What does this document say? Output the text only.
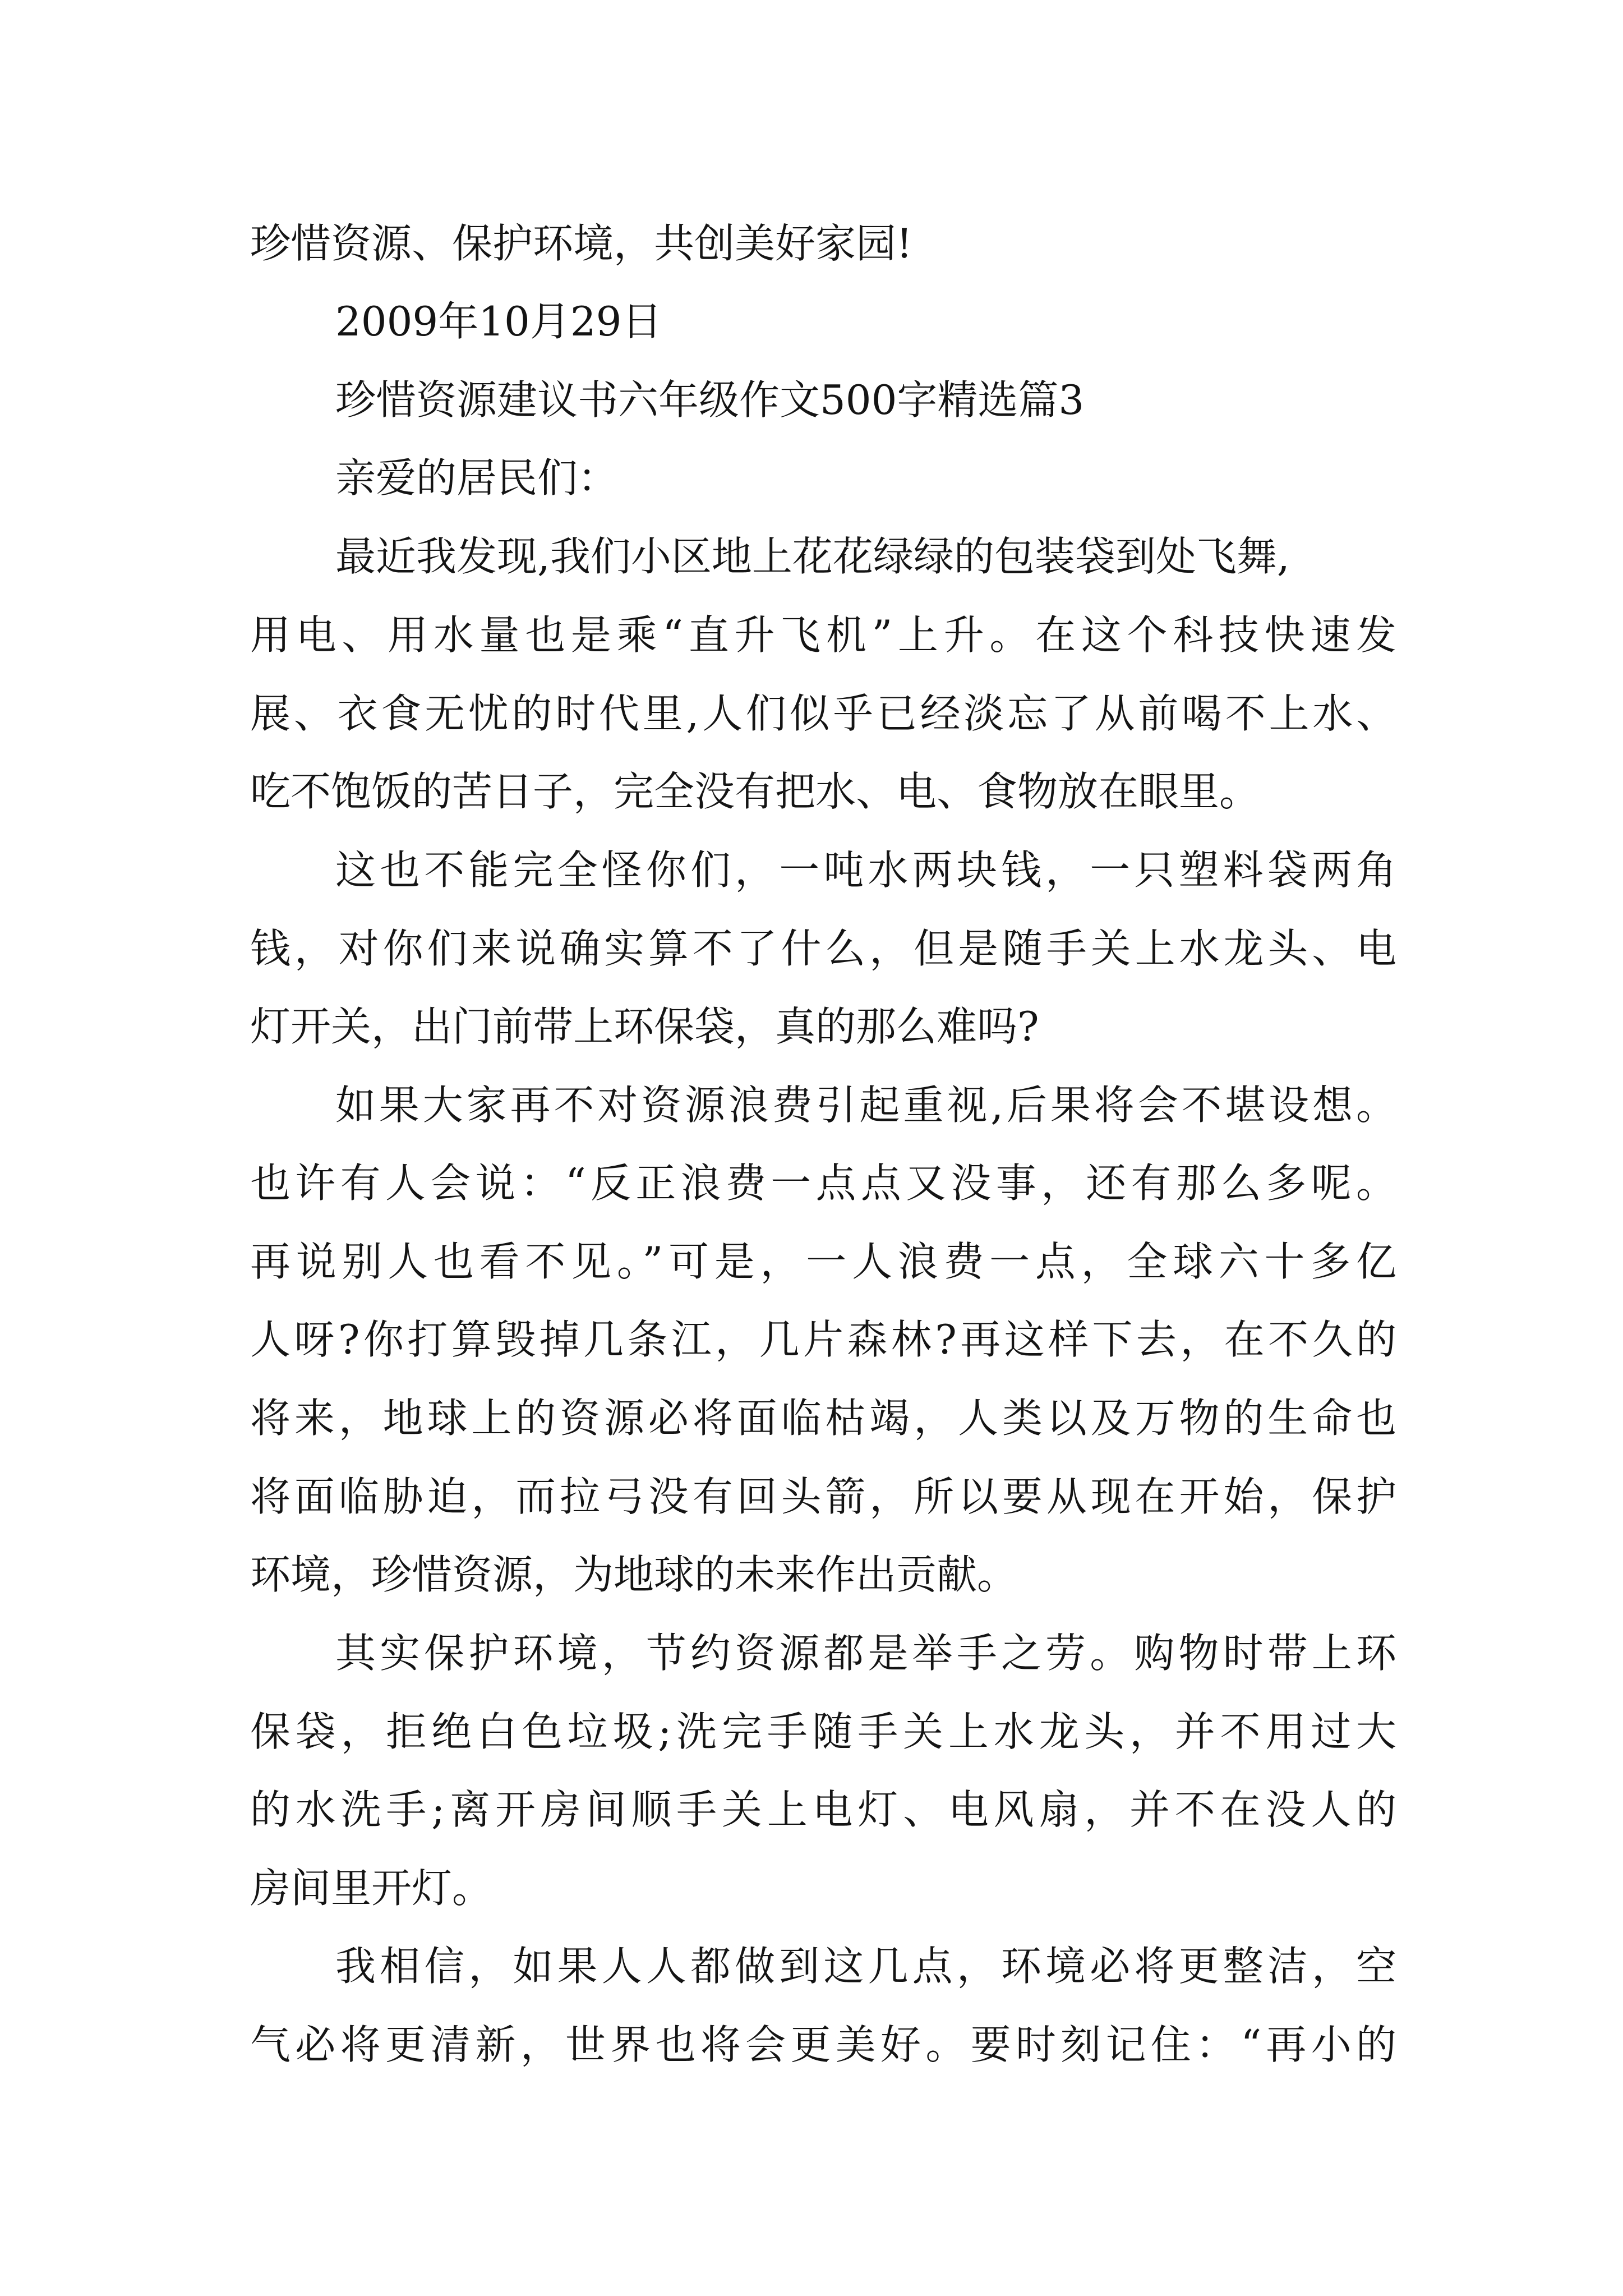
珍惜资源、保护环境，共创美好家园!
2009年10月29日
珍惜资源建议书六年级作文500字精选篇3
亲爱的居民们：
最近我发现,我们小区地上花花绿绿的包装袋到处飞舞,
用电、用水量也是乘“直升飞机”上升。在这个科技快速发
展、衣食无忧的时代里,人们似乎已经淡忘了从前喝不上水、
吃不饱饭的苦日子，完全没有把水、电、食物放在眼里。
这也不能完全怪你们，一吨水两块钱，一只塑料袋两角
钱，对你们来说确实算不了什么，但是随手关上水龙头、电
灯开关，出门前带上环保袋，真的那么难吗?
如果大家再不对资源浪费引起重视,后果将会不堪设想。
也许有人会说：“反正浪费一点点又没事，还有那么多呢。
再说别人也看不见。”可是，一人浪费一点，全球六十多亿
人呀?你打算毁掉几条江，几片森林?再这样下去，在不久的
将来，地球上的资源必将面临枯竭，人类以及万物的生命也
将面临胁迫，而拉弓没有回头箭，所以要从现在开始，保护
环境，珍惜资源，为地球的未来作出贡献。
其实保护环境，节约资源都是举手之劳。购物时带上环
保袋，拒绝白色垃圾;洗完手随手关上水龙头，并不用过大
的水洗手;离开房间顺手关上电灯、电风扇，并不在没人的
房间里开灯。
我相信，如果人人都做到这几点，环境必将更整洁，空
气必将更清新，世界也将会更美好。要时刻记住：“再小的
